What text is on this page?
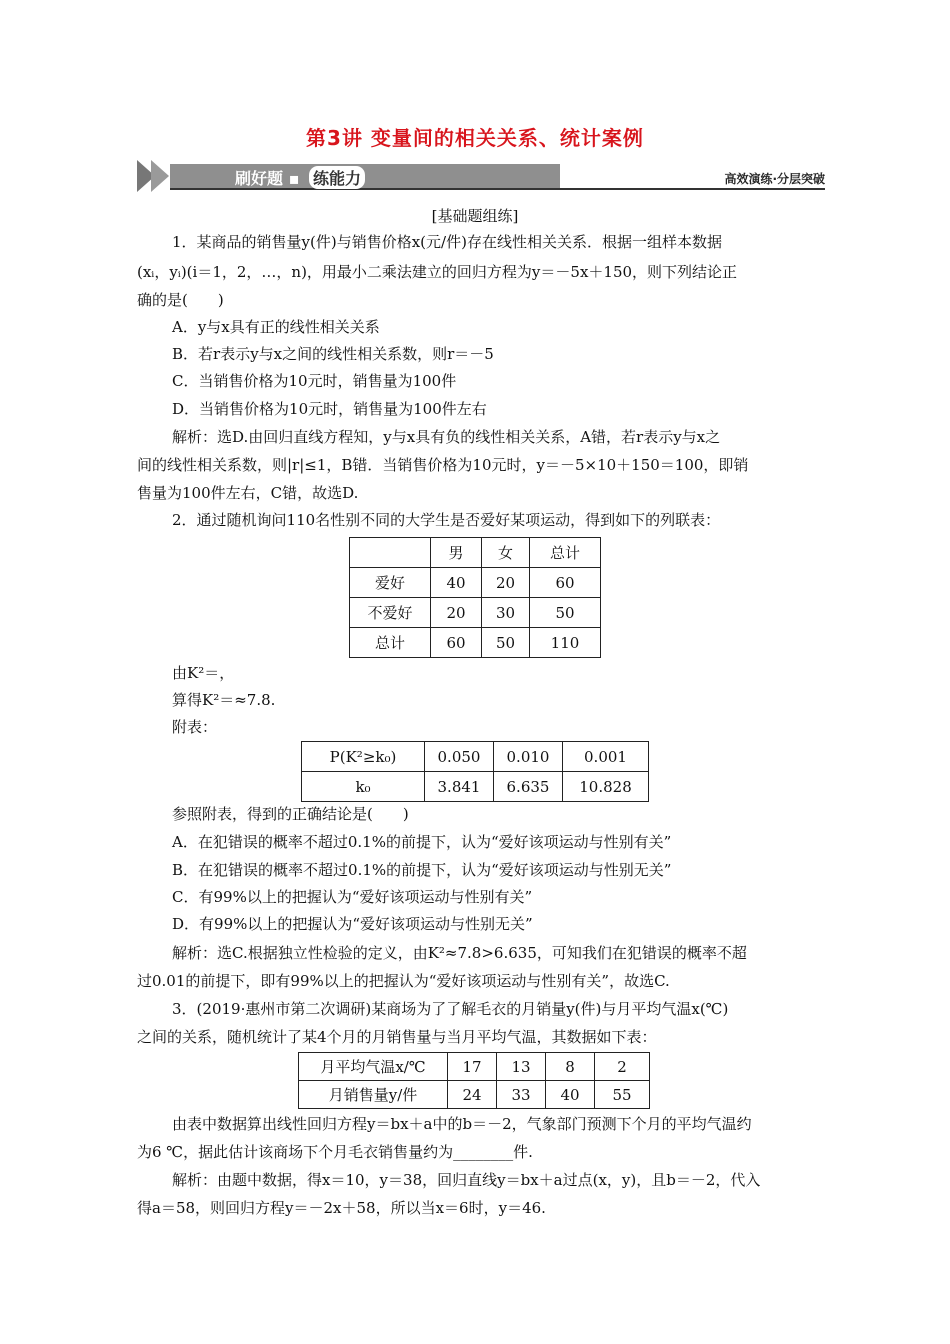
第3讲 变量间的相关关系、统计案例
刷好题 ▪ 练能力	高效演练·分层突破
[基础题组练]
1．某商品的销售量y(件)与销售价格x(元/件)存在线性相关关系．根据一组样本数据
(xᵢ，yᵢ)(i＝1，2，…，n)，用最小二乘法建立的回归方程为y＝－5x＋150，则下列结论正
确的是(　　)
A．y与x具有正的线性相关关系
B．若r表示y与x之间的线性相关系数，则r＝－5
C．当销售价格为10元时，销售量为100件
D．当销售价格为10元时，销售量为100件左右
解析：选D.由回归直线方程知，y与x具有负的线性相关关系，A错，若r表示y与x之
间的线性相关系数，则|r|≤1，B错．当销售价格为10元时，y＝－5×10＋150＝100，即销
售量为100件左右，C错，故选D.
2．通过随机询问110名性别不同的大学生是否爱好某项运动，得到如下的列联表：
	男	女	总计
爱好	40	20	60
不爱好	20	30	50
总计	60	50	110
由K²＝，
算得K²＝≈7.8.
附表：
P(K²≥k₀)	0.050	0.010	0.001
k₀	3.841	6.635	10.828
参照附表，得到的正确结论是(　　)
A．在犯错误的概率不超过0.1%的前提下，认为“爱好该项运动与性别有关”
B．在犯错误的概率不超过0.1%的前提下，认为“爱好该项运动与性别无关”
C．有99%以上的把握认为“爱好该项运动与性别有关”
D．有99%以上的把握认为“爱好该项运动与性别无关”
解析：选C.根据独立性检验的定义，由K²≈7.8>6.635，可知我们在犯错误的概率不超
过0.01的前提下，即有99%以上的把握认为“爱好该项运动与性别有关”，故选C.
3．(2019·惠州市第二次调研)某商场为了了解毛衣的月销量y(件)与月平均气温x(℃)
之间的关系，随机统计了某4个月的月销售量与当月平均气温，其数据如下表：
月平均气温x/℃	17	13	8	2
月销售量y/件	24	33	40	55
由表中数据算出线性回归方程y＝bx＋a中的b＝－2，气象部门预测下个月的平均气温约
为6 ℃，据此估计该商场下个月毛衣销售量约为________件.
解析：由题中数据，得x＝10，y＝38，回归直线y＝bx＋a过点(x，y)，且b＝－2，代入
得a＝58，则回归方程y＝－2x＋58，所以当x＝6时，y＝46.
